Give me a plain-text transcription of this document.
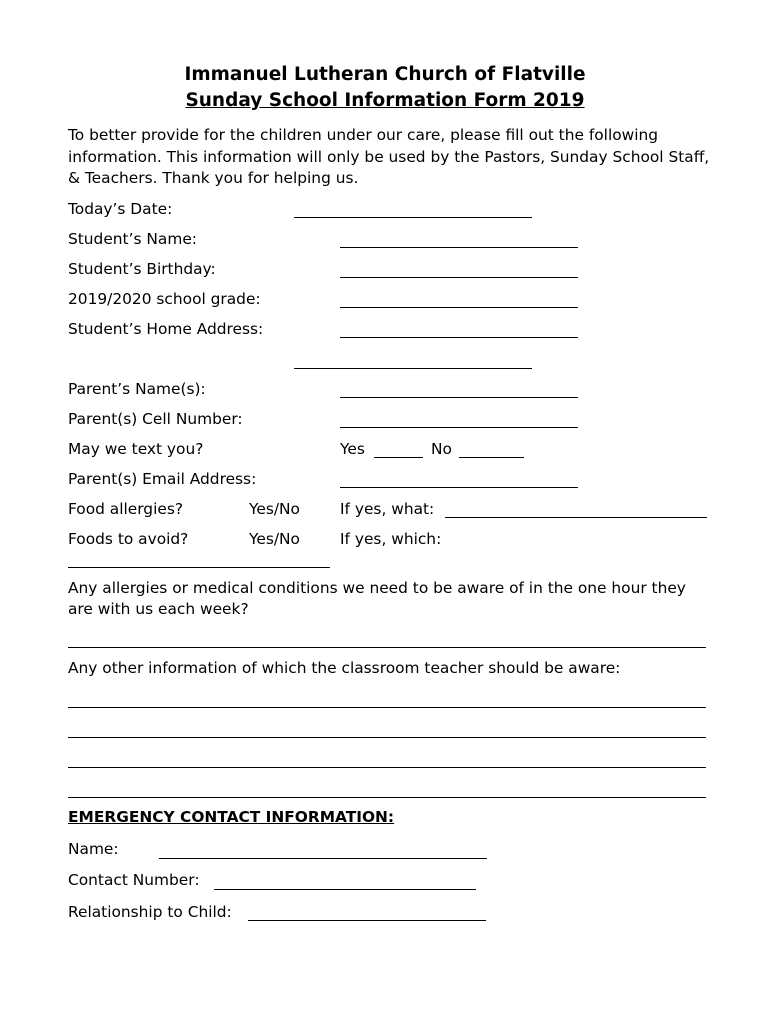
Immanuel Lutheran Church of Flatville
Sunday School Information Form 2019
To better provide for the children under our care, please fill out the following information. This information will only be used by the Pastors, Sunday School Staff, & Teachers. Thank you for helping us.
Today’s Date:
Student’s Name:
Student’s Birthday:
2019/2020 school grade:
Student’s Home Address:
Parent’s Name(s):
Parent(s) Cell Number:
May we text you?	Yes	No
Parent(s) Email Address:
Food allergies?	Yes/No	If yes, what:
Foods to avoid?	Yes/No	If yes, which:
Any allergies or medical conditions we need to be aware of in the one hour they are with us each week?
Any other information of which the classroom teacher should be aware:
EMERGENCY CONTACT INFORMATION:
Name:
Contact Number:
Relationship to Child:
